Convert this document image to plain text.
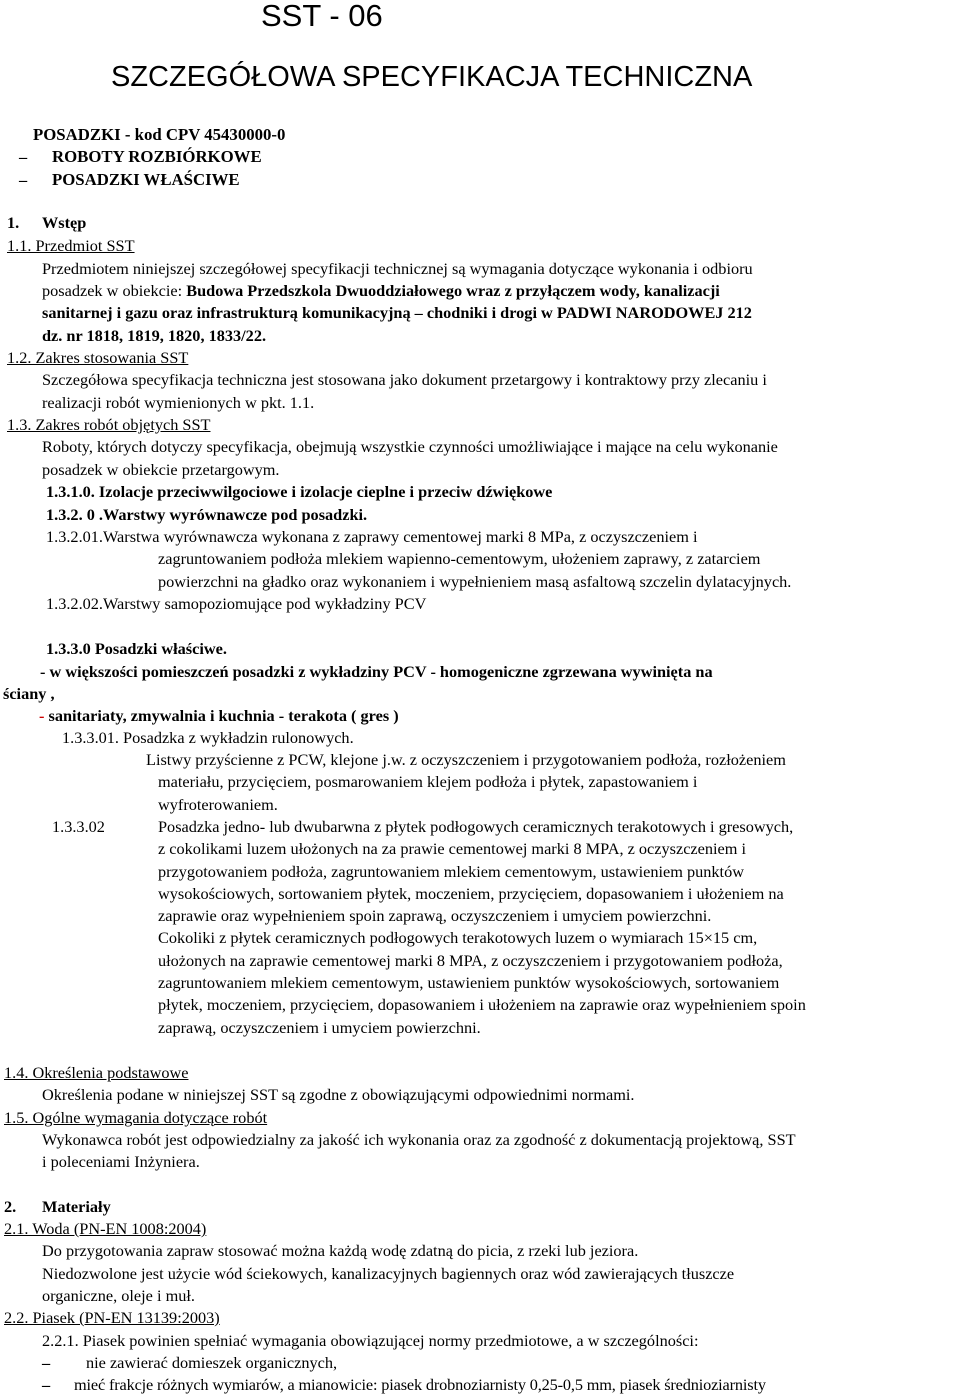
SST - 06
SZCZEGÓŁOWA SPECYFIKACJA TECHNICZNA
POSADZKI - kod CPV 45430000-0
– ROBOTY ROZBIÓRKOWE
– POSADZKI WŁAŚCIWE
1. Wstęp
1.1. Przedmiot SST
Przedmiotem niniejszej szczegółowej specyfikacji technicznej są wymagania dotyczące wykonania i odbioru
posadzek w obiekcie: Budowa Przedszkola Dwuoddziałowego wraz z przyłączem wody, kanalizacji
sanitarnej i gazu oraz infrastrukturą komunikacyjną – chodniki i drogi w PADWI NARODOWEJ 212
dz. nr 1818, 1819, 1820, 1833/22.
1.2. Zakres stosowania SST
Szczegółowa specyfikacja techniczna jest stosowana jako dokument przetargowy i kontraktowy przy zlecaniu i
realizacji robót wymienionych w pkt. 1.1.
1.3. Zakres robót objętych SST
Roboty, których dotyczy specyfikacja, obejmują wszystkie czynności umożliwiające i mające na celu wykonanie
posadzek w obiekcie przetargowym.
1.3.1.0. Izolacje przeciwwilgociowe i izolacje cieplne i przeciw dźwiękowe
1.3.2. 0 .Warstwy wyrównawcze pod posadzki.
1.3.2.01.Warstwa wyrównawcza wykonana z zaprawy cementowej marki 8 MPa, z oczyszczeniem i
zagruntowaniem podłoża mlekiem wapienno-cementowym, ułożeniem zaprawy, z zatarciem
powierzchni na gładko oraz wykonaniem i wypełnieniem masą asfaltową szczelin dylatacyjnych.
1.3.2.02.Warstwy samopoziomujące pod wykładziny PCV
1.3.3.0 Posadzki właściwe.
- w większości pomieszczeń posadzki z wykładziny PCV - homogeniczne zgrzewana wywinięta na
ściany ,
- sanitariaty, zmywalnia i kuchnia - terakota ( gres )
1.3.3.01. Posadzka z wykładzin rulonowych.
Listwy przyścienne z PCW, klejone j.w. z oczyszczeniem i przygotowaniem podłoża, rozłożeniem
materiału, przycięciem, posmarowaniem klejem podłoża i płytek, zapastowaniem i
wyfroterowaniem.
1.3.3.02	Posadzka jedno- lub dwubarwna z płytek podłogowych ceramicznych terakotowych i gresowych,
z cokolikami luzem ułożonych na za prawie cementowej marki 8 MPA, z oczyszczeniem i
przygotowaniem podłoża, zagruntowaniem mlekiem cementowym, ustawieniem punktów
wysokościowych, sortowaniem płytek, moczeniem, przycięciem, dopasowaniem i ułożeniem na
zaprawie oraz wypełnieniem spoin zaprawą, oczyszczeniem i umyciem powierzchni.
Cokoliki z płytek ceramicznych podłogowych terakotowych luzem o wymiarach 15×15 cm,
ułożonych na zaprawie cementowej marki 8 MPA, z oczyszczeniem i przygotowaniem podłoża,
zagruntowaniem mlekiem cementowym, ustawieniem punktów wysokościowych, sortowaniem
płytek, moczeniem, przycięciem, dopasowaniem i ułożeniem na zaprawie oraz wypełnieniem spoin
zaprawą, oczyszczeniem i umyciem powierzchni.
1.4. Określenia podstawowe
Określenia podane w niniejszej SST są zgodne z obowiązującymi odpowiednimi normami.
1.5. Ogólne wymagania dotyczące robót
Wykonawca robót jest odpowiedzialny za jakość ich wykonania oraz za zgodność z dokumentacją projektową, SST
i poleceniami Inżyniera.
2. Materiały
2.1. Woda (PN-EN 1008:2004)
Do przygotowania zapraw stosować można każdą wodę zdatną do picia, z rzeki lub jeziora.
Niedozwolone jest użycie wód ściekowych, kanalizacyjnych bagiennych oraz wód zawierających tłuszcze
organiczne, oleje i muł.
2.2. Piasek (PN-EN 13139:2003)
2.2.1. Piasek powinien spełniać wymagania obowiązującej normy przedmiotowe, a w szczególności:
– nie zawierać domieszek organicznych,
– mieć frakcje różnych wymiarów, a mianowicie: piasek drobnoziarnisty 0,25-0,5 mm, piasek średnioziarnisty
